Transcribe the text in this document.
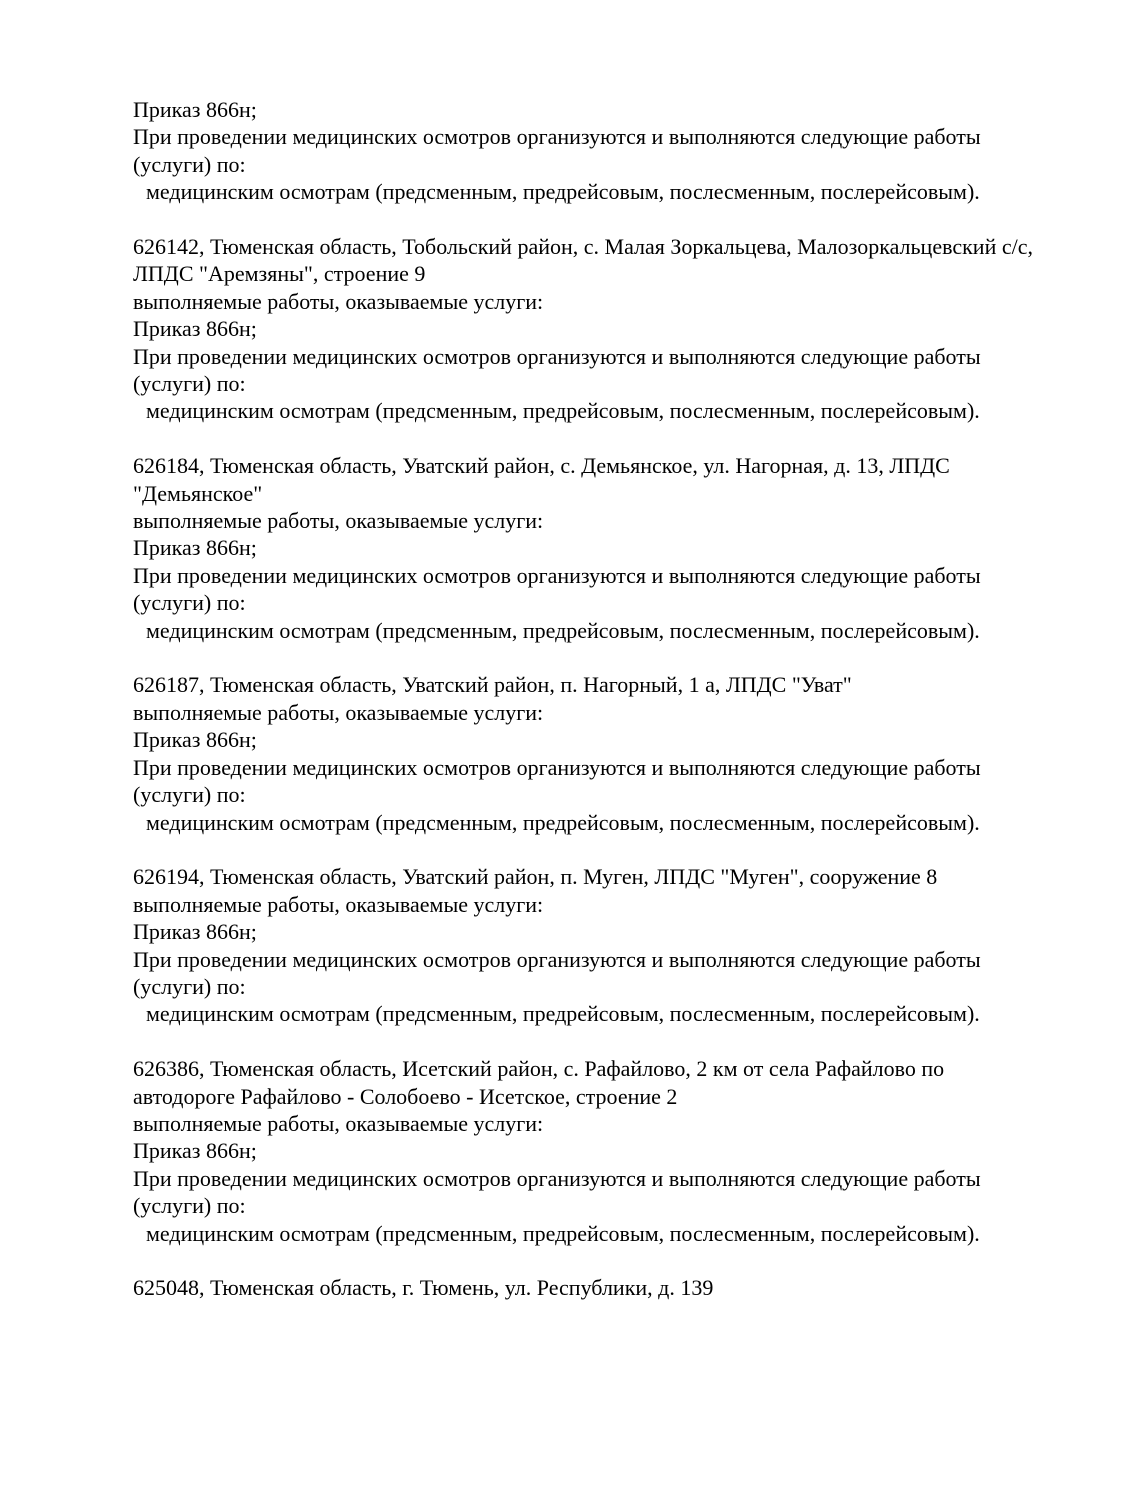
Приказ 866н;
При проведении медицинских осмотров организуются и выполняются следующие работы
(услуги) по:
медицинским осмотрам (предсменным, предрейсовым, послесменным, послерейсовым).
626142, Тюменская область, Тобольский район, с. Малая Зоркальцева, Малозоркальцевский с/с,
ЛПДС "Аремзяны", строение 9
выполняемые работы, оказываемые услуги:
Приказ 866н;
При проведении медицинских осмотров организуются и выполняются следующие работы
(услуги) по:
медицинским осмотрам (предсменным, предрейсовым, послесменным, послерейсовым).
626184, Тюменская область, Уватский район, с. Демьянское, ул. Нагорная, д. 13, ЛПДС
"Демьянское"
выполняемые работы, оказываемые услуги:
Приказ 866н;
При проведении медицинских осмотров организуются и выполняются следующие работы
(услуги) по:
медицинским осмотрам (предсменным, предрейсовым, послесменным, послерейсовым).
626187, Тюменская область, Уватский район, п. Нагорный, 1 а, ЛПДС "Уват"
выполняемые работы, оказываемые услуги:
Приказ 866н;
При проведении медицинских осмотров организуются и выполняются следующие работы
(услуги) по:
медицинским осмотрам (предсменным, предрейсовым, послесменным, послерейсовым).
626194, Тюменская область, Уватский район, п. Муген, ЛПДС "Муген", сооружение 8
выполняемые работы, оказываемые услуги:
Приказ 866н;
При проведении медицинских осмотров организуются и выполняются следующие работы
(услуги) по:
медицинским осмотрам (предсменным, предрейсовым, послесменным, послерейсовым).
626386, Тюменская область, Исетский район, с. Рафайлово, 2 км от села Рафайлово по
автодороге Рафайлово - Солобоево - Исетское, строение 2
выполняемые работы, оказываемые услуги:
Приказ 866н;
При проведении медицинских осмотров организуются и выполняются следующие работы
(услуги) по:
медицинским осмотрам (предсменным, предрейсовым, послесменным, послерейсовым).
625048, Тюменская область, г. Тюмень, ул. Республики, д. 139
